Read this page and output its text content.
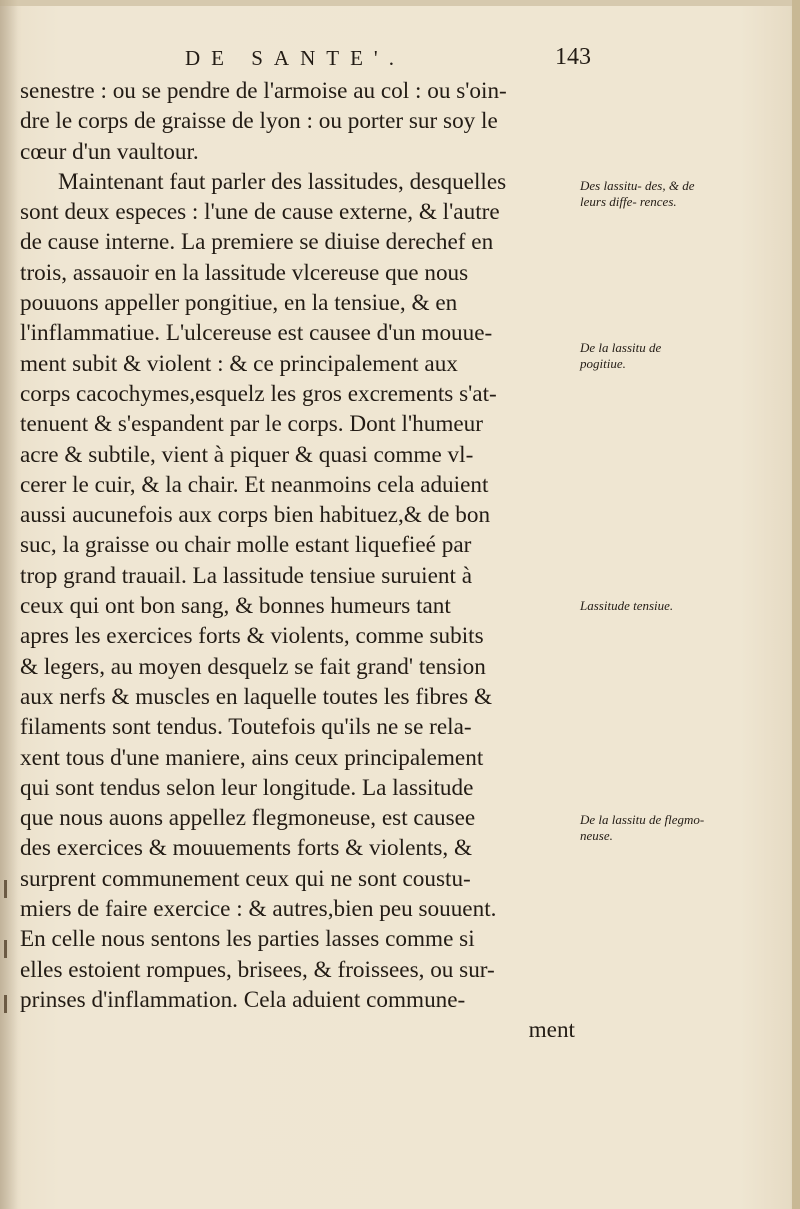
DE SANTE'.	143
senestre : ou se pendre de l'armoise au col : ou s'oin-
dre le corps de graisse de lyon : ou porter sur soy le
cœur d'un vaultour.
Maintenant faut parler des lassitudes, desquelles
sont deux especes : l'une de cause externe, & l'autre
de cause interne. La premiere se diuise derechef en
trois, assauoir en la lassitude vlcereuse que nous
pouuons appeller pongitiue, en la tensiue, & en
l'inflammatiue. L'ulcereuse est causee d'un mouue-
ment subit & violent : & ce principalement aux
corps cacochymes,esquelz les gros excrements s'at-
tenuent & s'espandent par le corps. Dont l'humeur
acre & subtile, vient à piquer & quasi comme vl-
cerer le cuir, & la chair. Et neanmoins cela aduient
aussi aucunefois aux corps bien habituez,& de bon
suc, la graisse ou chair molle estant liquefieé par
trop grand trauail. La lassitude tensiue suruient à
ceux qui ont bon sang, & bonnes humeurs tant
apres les exercices forts & violents, comme subits
& legers, au moyen desquelz se fait grand' tension
aux nerfs & muscles en laquelle toutes les fibres &
filaments sont tendus. Toutefois qu'ils ne se rela-
xent tous d'une maniere, ains ceux principalement
qui sont tendus selon leur longitude. La lassitude
que nous auons appellez flegmoneuse, est causee
des exercices & mouuements forts & violents, &
surprent communement ceux qui ne sont coustu-
miers de faire exercice : & autres,bien peu souuent.
En celle nous sentons les parties lasses comme si
elles estoient rompues, brisees, & froissees, ou sur-
prinses d'inflammation. Cela aduient commune-
ment
Des lassitu- des, & de leurs diffe- rences.
De la lassitu de pogitiue.
Lassitude tensiue.
De la lassitu de flegmo- neuse.
